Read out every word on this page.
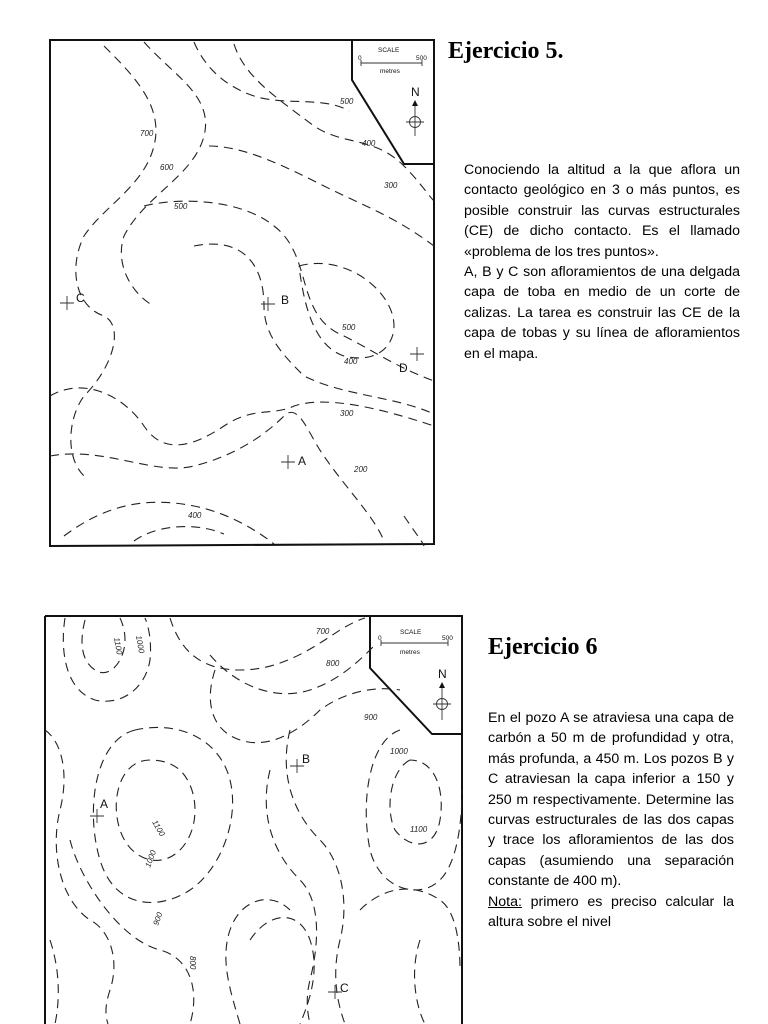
500
400
300
700
600
500
500
400
300
200
400
SCALE
0	500
metres
N
C	B
D
A
Ejercicio 5.

Conociendo la altitud a la que aflora un contacto geológico en 3 o más puntos, es posible construir las curvas estructurales (CE) de dicho contacto. Es el llamado «problema de los tres puntos».

A, B y C son afloramientos de una delgada capa de toba en medio de un corte de calizas. La tarea es construir las CE de la capa de tobas y su línea de afloramientos en el mapa.

1100 1000
700
800
900
1000
1100
1100
1000
900
800
SCALE
0	500
metres
N
A
B
C
Ejercicio 6

En el pozo A se atraviesa una capa de carbón a 50 m de profundidad y otra, más profunda, a 450 m. Los pozos B y C atraviesan la capa inferior a 150 y 250 m respectivamente. Determine las curvas estructurales de las dos capas y trace los afloramientos de las dos capas (asumiendo una separación constante de 400 m).

Nota: primero es preciso calcular la altura sobre el nivel
